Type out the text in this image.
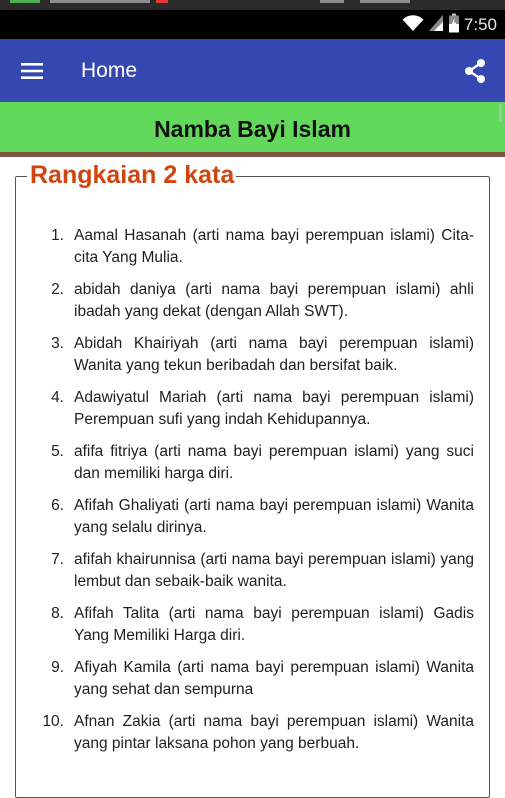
7:50
Home
Namba Bayi Islam
Rangkaian 2 kata
1. Aamal Hasanah (arti nama bayi perempuan islami) Cita-cita Yang Mulia.
2. abidah daniya (arti nama bayi perempuan islami) ahli ibadah yang dekat (dengan Allah SWT).
3. Abidah Khairiyah (arti nama bayi perempuan islami) Wanita yang tekun beribadah dan bersifat baik.
4. Adawiyatul Mariah (arti nama bayi perempuan islami) Perempuan sufi yang indah Kehidupannya.
5. afifa fitriya (arti nama bayi perempuan islami) yang suci dan memiliki harga diri.
6. Afifah Ghaliyati (arti nama bayi perempuan islami) Wanita yang selalu dirinya.
7. afifah khairunnisa (arti nama bayi perempuan islami) yang lembut dan sebaik-baik wanita.
8. Afifah Talita (arti nama bayi perempuan islami) Gadis Yang Memiliki Harga diri.
9. Afiyah Kamila (arti nama bayi perempuan islami) Wanita yang sehat dan sempurna
10. Afnan Zakia (arti nama bayi perempuan islami) Wanita yang pintar laksana pohon yang berbuah.
